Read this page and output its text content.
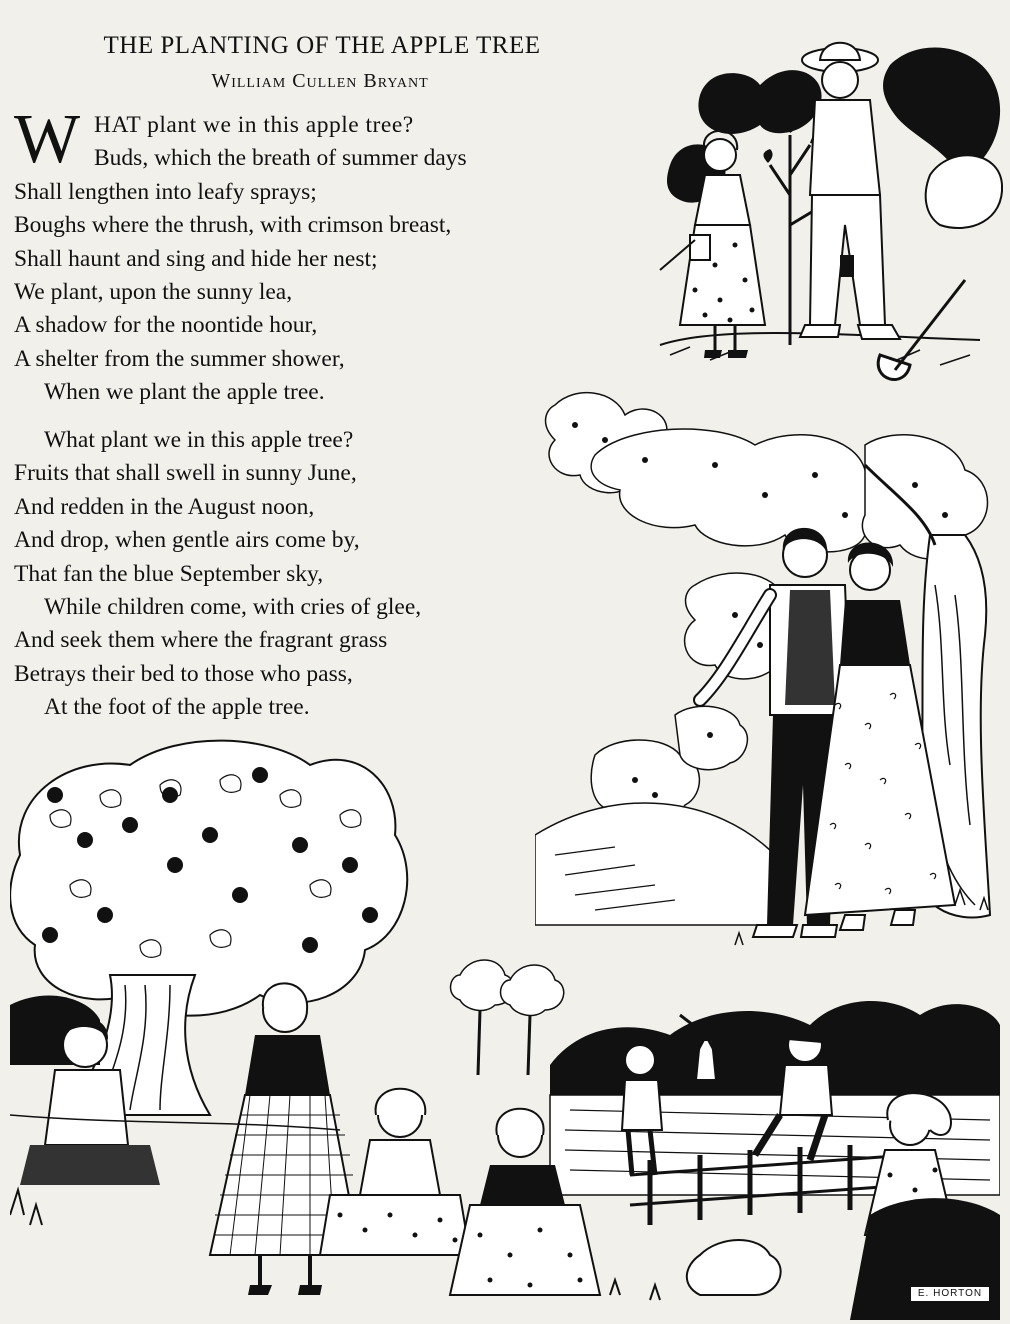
THE PLANTING OF THE APPLE TREE
William Cullen Bryant
W HAT plant we in this apple tree?
Buds, which the breath of summer days
Shall lengthen into leafy sprays;
Boughs where the thrush, with crimson breast,
Shall haunt and sing and hide her nest;
We plant, upon the sunny lea,
A shadow for the noontide hour,
A shelter from the summer shower,
When we plant the apple tree.
What plant we in this apple tree?
Fruits that shall swell in sunny June,
And redden in the August noon,
And drop, when gentle airs come by,
That fan the blue September sky,
While children come, with cries of glee,
And seek them where the fragrant grass
Betrays their bed to those who pass,
At the foot of the apple tree.
E. HORTON
